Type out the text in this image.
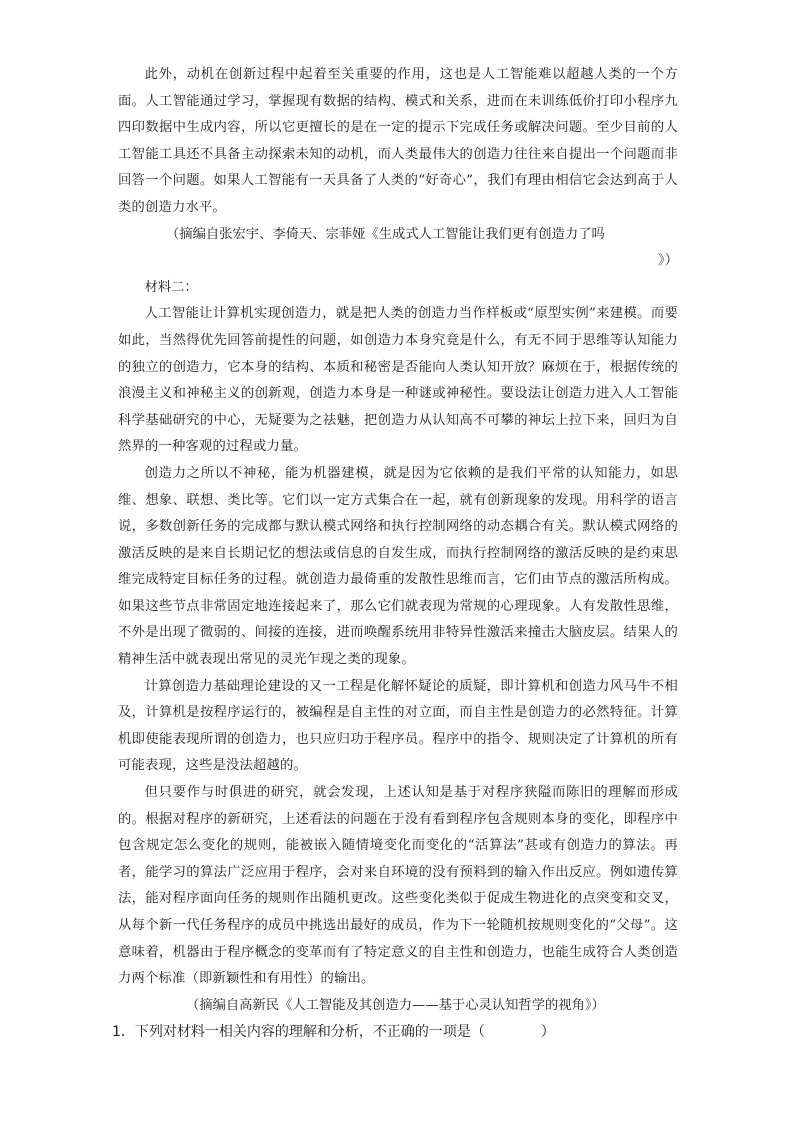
此外，动机在创新过程中起着至关重要的作用，这也是人工智能难以超越人类的一个方面。人工智能通过学习，掌握现有数据的结构、模式和关系，进而在未训练低价打印小程序九四印数据中生成内容，所以它更擅长的是在一定的提示下完成任务或解决问题。至少目前的人工智能工具还不具备主动探索未知的动机，而人类最伟大的创造力往往来自提出一个问题而非回答一个问题。如果人工智能有一天具备了人类的“好奇心”，我们有理由相信它会达到高于人类的创造力水平。

（摘编自张宏宇、李倚天、宗菲娅《生成式人工智能让我们更有创造力了吗

》）

材料二：

人工智能让计算机实现创造力，就是把人类的创造力当作样板或“原型实例”来建模。而要如此，当然得优先回答前提性的问题，如创造力本身究竟是什么，有无不同于思维等认知能力的独立的创造力，它本身的结构、本质和秘密是否能向人类认知开放？麻烦在于，根据传统的浪漫主义和神秘主义的创新观，创造力本身是一种谜或神秘性。要设法让创造力进入人工智能科学基础研究的中心，无疑要为之祛魅，把创造力从认知高不可攀的神坛上拉下来，回归为自然界的一种客观的过程或力量。

创造力之所以不神秘，能为机器建模，就是因为它依赖的是我们平常的认知能力，如思维、想象、联想、类比等。它们以一定方式集合在一起，就有创新现象的发现。用科学的语言说，多数创新任务的完成都与默认模式网络和执行控制网络的动态耦合有关。默认模式网络的激活反映的是来自长期记忆的想法或信息的自发生成，而执行控制网络的激活反映的是约束思维完成特定目标任务的过程。就创造力最倚重的发散性思维而言，它们由节点的激活所构成。如果这些节点非常固定地连接起来了，那么它们就表现为常规的心理现象。人有发散性思维，不外是出现了微弱的、间接的连接，进而唤醒系统用非特异性激活来撞击大脑皮层。结果人的精神生活中就表现出常见的灵光乍现之类的现象。

计算创造力基础理论建设的又一工程是化解怀疑论的质疑，即计算机和创造力风马牛不相及，计算机是按程序运行的，被编程是自主性的对立面，而自主性是创造力的必然特征。计算机即使能表现所谓的创造力，也只应归功于程序员。程序中的指令、规则决定了计算机的所有可能表现，这些是没法超越的。

但只要作与时俱进的研究，就会发现，上述认知是基于对程序狭隘而陈旧的理解而形成的。根据对程序的新研究，上述看法的问题在于没有看到程序包含规则本身的变化，即程序中包含规定怎么变化的规则，能被嵌入随情境变化而变化的“活算法”甚或有创造力的算法。再者，能学习的算法广泛应用于程序，会对来自环境的没有预料到的输入作出反应。例如遗传算法，能对程序面向任务的规则作出随机更改。这些变化类似于促成生物进化的点突变和交叉，从每个新一代任务程序的成员中挑选出最好的成员，作为下一轮随机按规则变化的“父母”。这意味着，机器由于程序概念的变革而有了特定意义的自主性和创造力，也能生成符合人类创造力两个标准（即新颖性和有用性）的输出。

（摘编自高新民《人工智能及其创造力——基于心灵认知哲学的视角》）

1．下列对材料一相关内容的理解和分析，不正确的一项是（　　　　）
